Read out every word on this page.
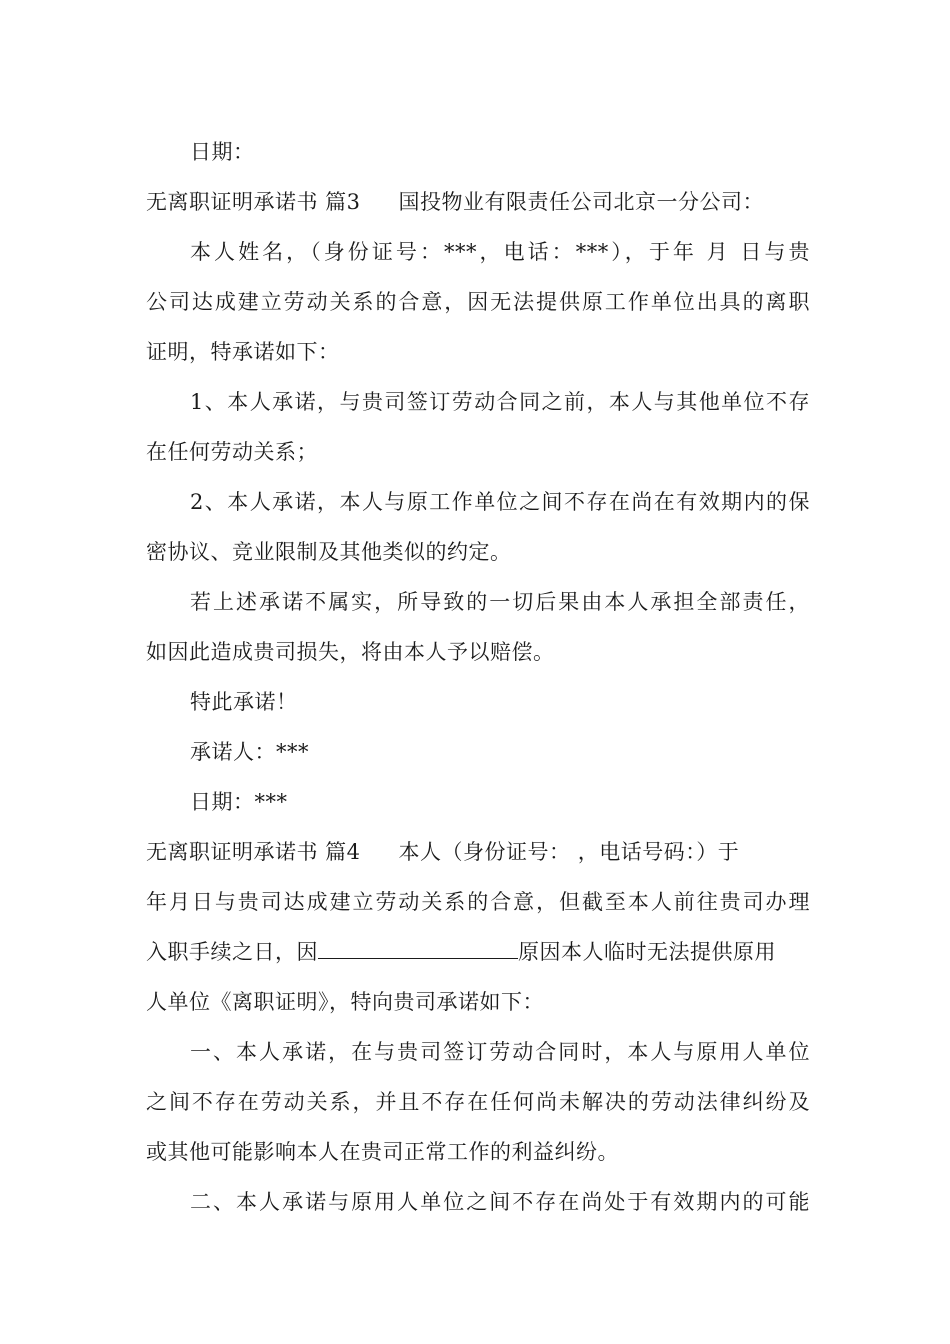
日期：
无离职证明承诺书 篇3 国投物业有限责任公司北京一分公司：
本人姓名，（身份证号：***，电话：***），于年 月 日与贵
公司达成建立劳动关系的合意，因无法提供原工作单位出具的离职
证明，特承诺如下：
1、本人承诺，与贵司签订劳动合同之前，本人与其他单位不存
在任何劳动关系；
2、本人承诺，本人与原工作单位之间不存在尚在有效期内的保
密协议、竞业限制及其他类似的约定。
若上述承诺不属实，所导致的一切后果由本人承担全部责任，
如因此造成贵司损失，将由本人予以赔偿。
特此承诺！
承诺人：***
日期：***
无离职证明承诺书 篇4 本人（身份证号： ，电话号码：）于
年月日与贵司达成建立劳动关系的合意，但截至本人前往贵司办理
入职手续之日，因	原因本人临时无法提供原用
人单位《离职证明》，特向贵司承诺如下：
一、本人承诺，在与贵司签订劳动合同时，本人与原用人单位
之间不存在劳动关系，并且不存在任何尚未解决的劳动法律纠纷及
或其他可能影响本人在贵司正常工作的利益纠纷。
二、本人承诺与原用人单位之间不存在尚处于有效期内的可能
